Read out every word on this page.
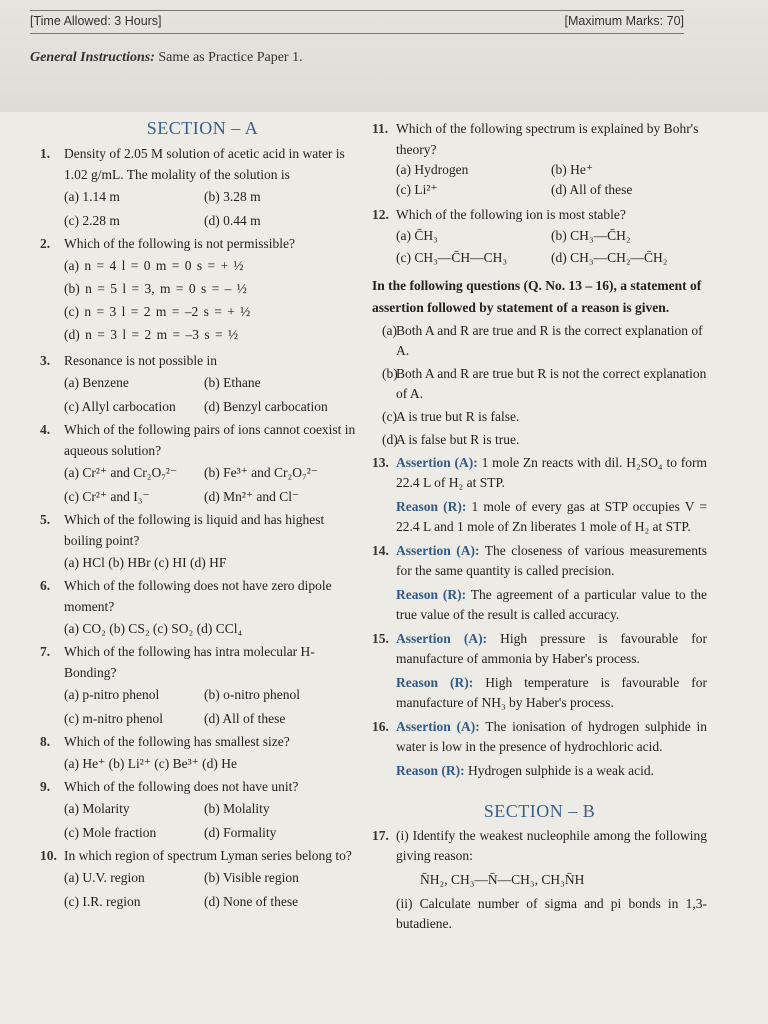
[Time Allowed: 3 Hours]	[Maximum Marks: 70]
General Instructions: Same as Practice Paper 1.
SECTION – A
1.	Density of 2.05 M solution of acetic acid in water is 1.02 g/mL. The molality of the solution is
(a) 1.14 m	(b) 3.28 m
(c) 2.28 m	(d) 0.44 m
2.	Which of the following is not permissible?
(a) n = 4 l = 0 m = 0 s = + ½
(b) n = 5 l = 3, m = 0 s = – ½
(c) n = 3 l = 2 m = –2 s = + ½
(d) n = 3 l = 2 m = –3 s = ½
3.	Resonance is not possible in
(a) Benzene	(b) Ethane
(c) Allyl carbocation	(d) Benzyl carbocation
4.	Which of the following pairs of ions cannot coexist in aqueous solution?
(a) Cr²⁺ and Cr₂O₇²⁻	(b) Fe³⁺ and Cr₂O₇²⁻
(c) Cr²⁺ and I₃⁻	(d) Mn²⁺ and Cl⁻
5.	Which of the following is liquid and has highest boiling point?
(a) HCl (b) HBr (c) HI (d) HF
6.	Which of the following does not have zero dipole moment?
(a) CO₂ (b) CS₂ (c) SO₂ (d) CCl₄
7.	Which of the following has intra molecular H-Bonding?
(a) p-nitro phenol	(b) o-nitro phenol
(c) m-nitro phenol	(d) All of these
8.	Which of the following has smallest size?
(a) He⁺ (b) Li²⁺ (c) Be³⁺ (d) He
9.	Which of the following does not have unit?
(a) Molarity	(b) Molality
(c) Mole fraction	(d) Formality
10. In which region of spectrum Lyman series belong to?
(a) U.V. region	(b) Visible region
(c) I.R. region	(d) None of these
11. Which of the following spectrum is explained by Bohr's theory?
(a) Hydrogen	(b) He⁺
(c) Li²⁺	(d) All of these
12. Which of the following ion is most stable?
(a) C̄H₃	(b) CH₃—C̄H₂
(c) CH₃—C̄H—CH₃	(d) CH₃—CH₂—C̄H₂
In the following questions (Q. No. 13 – 16), a statement of assertion followed by statement of a reason is given.
(a) Both A and R are true and R is the correct explanation of A.
(b)
Both A and R are true but R is not the correct explanation of A.
(c) A is true but R is false.
(d)
A is false but R is true.
13. Assertion (A): 1 mole Zn reacts with dil. H₂SO₄ to form 22.4 L of H₂ at STP.
Reason (R): 1 mole of every gas at STP occupies V = 22.4 L and 1 mole of Zn liberates 1 mole of H₂ at STP.
14. Assertion (A): The closeness of various measurements for the same quantity is called precision.
Reason (R): The agreement of a particular value to the true value of the result is called accuracy.
15. Assertion (A): High pressure is favourable for manufacture of ammonia by Haber's process.
Reason (R): High temperature is favourable for manufacture of NH₃ by Haber's process.
16. Assertion (A): The ionisation of hydrogen sulphide in water is low in the presence of hydrochloric acid.
Reason (R): Hydrogen sulphide is a weak acid.
SECTION – B
17. (i) Identify the weakest nucleophile among the following giving reason:
N̄H₂, CH₃—N̄—CH₃, CH₃N̄H
(ii) Calculate number of sigma and pi bonds in 1,3-butadiene.
